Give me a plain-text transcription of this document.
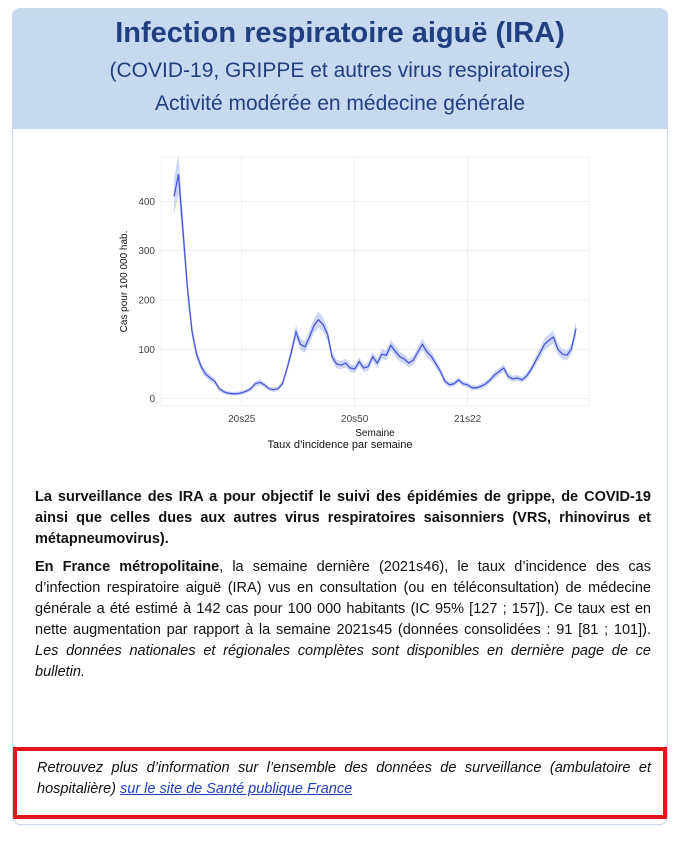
Infection respiratoire aiguë (IRA)
(COVID-19, GRIPPE et autres virus respiratoires)
Activité modérée en médecine générale
0
100
200
300
400
20s25	20s50	21s22
Semaine
Cas pour 100 000 hab.
Taux d’incidence par semaine

La surveillance des IRA a pour objectif le suivi des épidémies de grippe, de COVID-19 ainsi que celles dues aux autres virus respiratoires saisonniers (VRS, rhinovirus et métapneumovirus).

En France métropolitaine, la semaine dernière (2021s46), le taux d’incidence des cas d’infection respiratoire aiguë (IRA) vus en consultation (ou en téléconsultation) de médecine générale a été estimé à 142 cas pour 100 000 habitants (IC 95% [127 ; 157]). Ce taux est en nette augmentation par rapport à la semaine 2021s45 (données consolidées : 91 [81 ; 101]). Les données nationales et régionales complètes sont disponibles en dernière page de ce bulletin.

Retrouvez plus d’information sur l’ensemble des données de surveillance (ambulatoire et hospitalière) sur le site de Santé publique France
